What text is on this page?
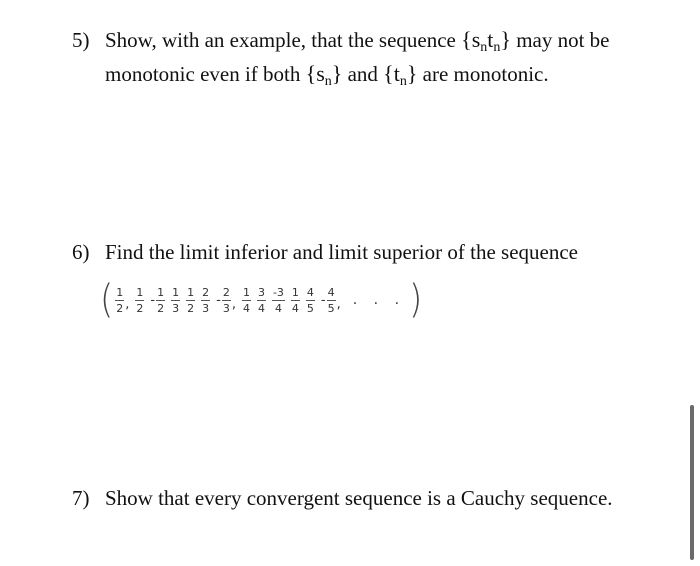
5) Show, with an example, that the sequence $\{s_nt_n\}$ may not be
monotonic even if both $\{s_n\}$ and $\{t_n\}$ are monotonic.
6) Find the limit inferior and limit superior of the sequence
( $\frac{1}{2}$ , $\frac{1}{2} - \frac{1}{2} \frac{1}{3} \frac{1}{2} \frac{2}{3} - \frac{2}{3}$ , $\frac{1}{4} \frac{3}{4} \frac{-3}{4} \frac{1}{4} \frac{4}{5} - \frac{4}{5}$ , . . . )
7) Show that every convergent sequence is a Cauchy sequence.
